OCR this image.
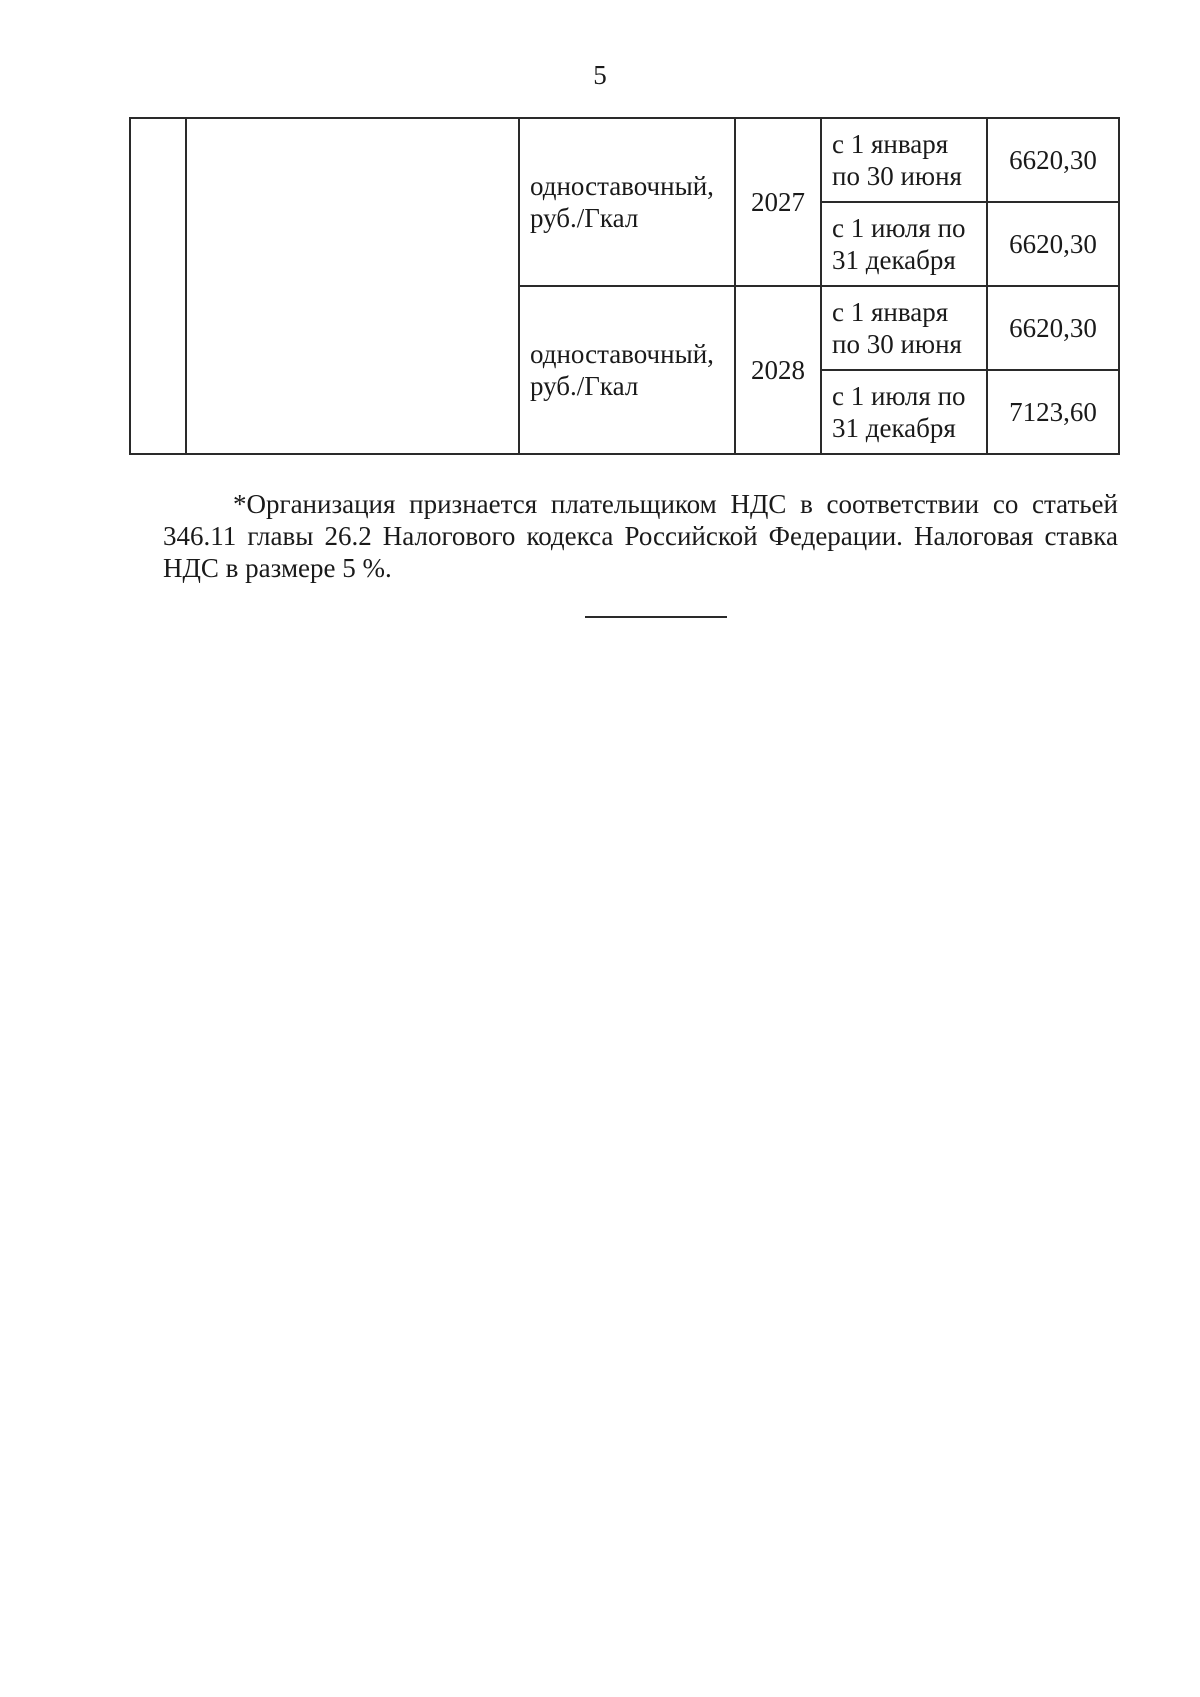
5
		одноставочный, руб./Гкал	2027	с 1 января по 30 июня	6620,30
				с 1 июля по 31 декабря	6620,30
		одноставочный, руб./Гкал	2028	с 1 января по 30 июня	6620,30
				с 1 июля по 31 декабря	7123,60

*Организация признается плательщиком НДС в соответствии со статьей 346.11 главы 26.2 Налогового кодекса Российской Федерации. Налоговая ставка НДС в размере 5 %.
